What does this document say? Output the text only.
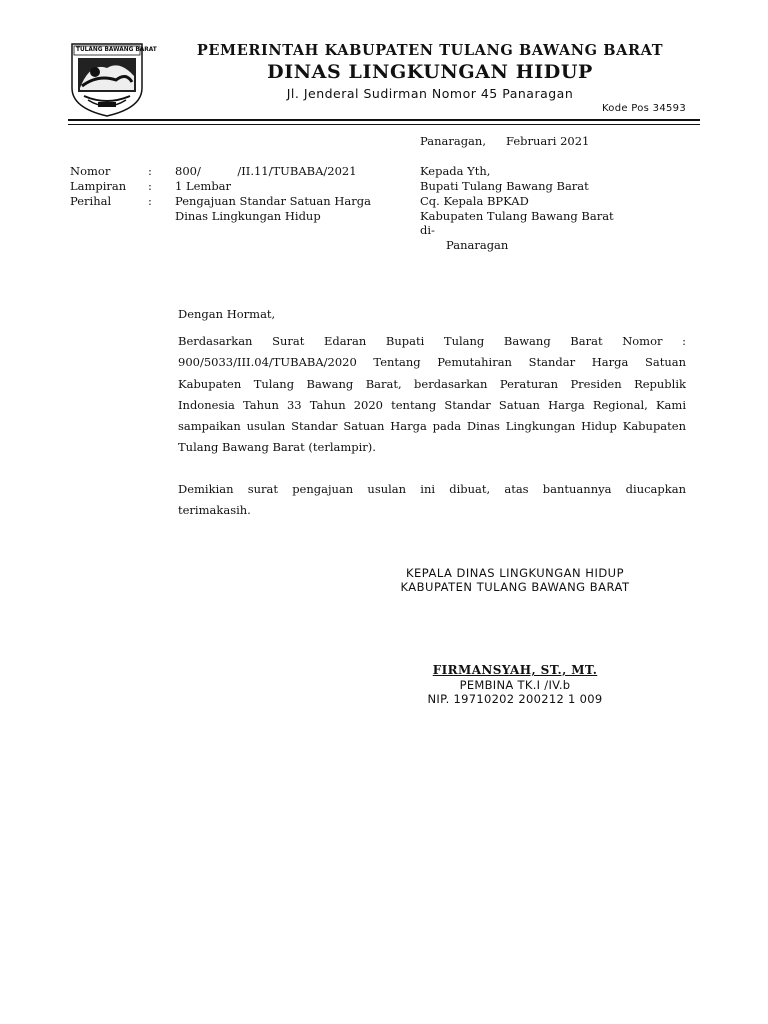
TULANG BAWANG BARAT	PEMERINTAH KABUPATEN TULANG BAWANG BARAT
DINAS LINGKUNGAN HIDUP
Jl. Jenderal Sudirman Nomor 45 Panaragan
Kode Pos 34593
Panaragan, Februari 2021
Nomor	: 800/          /II.11/TUBABA/2021
Lampiran : 1 Lembar
Perihal	: Pengajuan Standar Satuan Harga
Dinas Lingkungan Hidup
Kepada Yth,
Bupati Tulang Bawang Barat
Cq. Kepala BPKAD
Kabupaten Tulang Bawang Barat
di-
Panaragan
Dengan Hormat,
Berdasarkan Surat Edaran Bupati Tulang Bawang Barat Nomor :
900/5033/III.04/TUBABA/2020 Tentang Pemutahiran Standar Harga Satuan
Kabupaten Tulang Bawang Barat, berdasarkan Peraturan Presiden Republik
Indonesia Tahun 33 Tahun 2020 tentang Standar Satuan Harga Regional, Kami
sampaikan usulan Standar Satuan Harga pada Dinas Lingkungan Hidup Kabupaten
Tulang Bawang Barat (terlampir).
Demikian surat pengajuan usulan ini dibuat, atas bantuannya diucapkan
terimakasih.
KEPALA DINAS LINGKUNGAN HIDUP
KABUPATEN TULANG BAWANG BARAT
FIRMANSYAH, ST., MT.
PEMBINA TK.I /IV.b
NIP. 19710202 200212 1 009
